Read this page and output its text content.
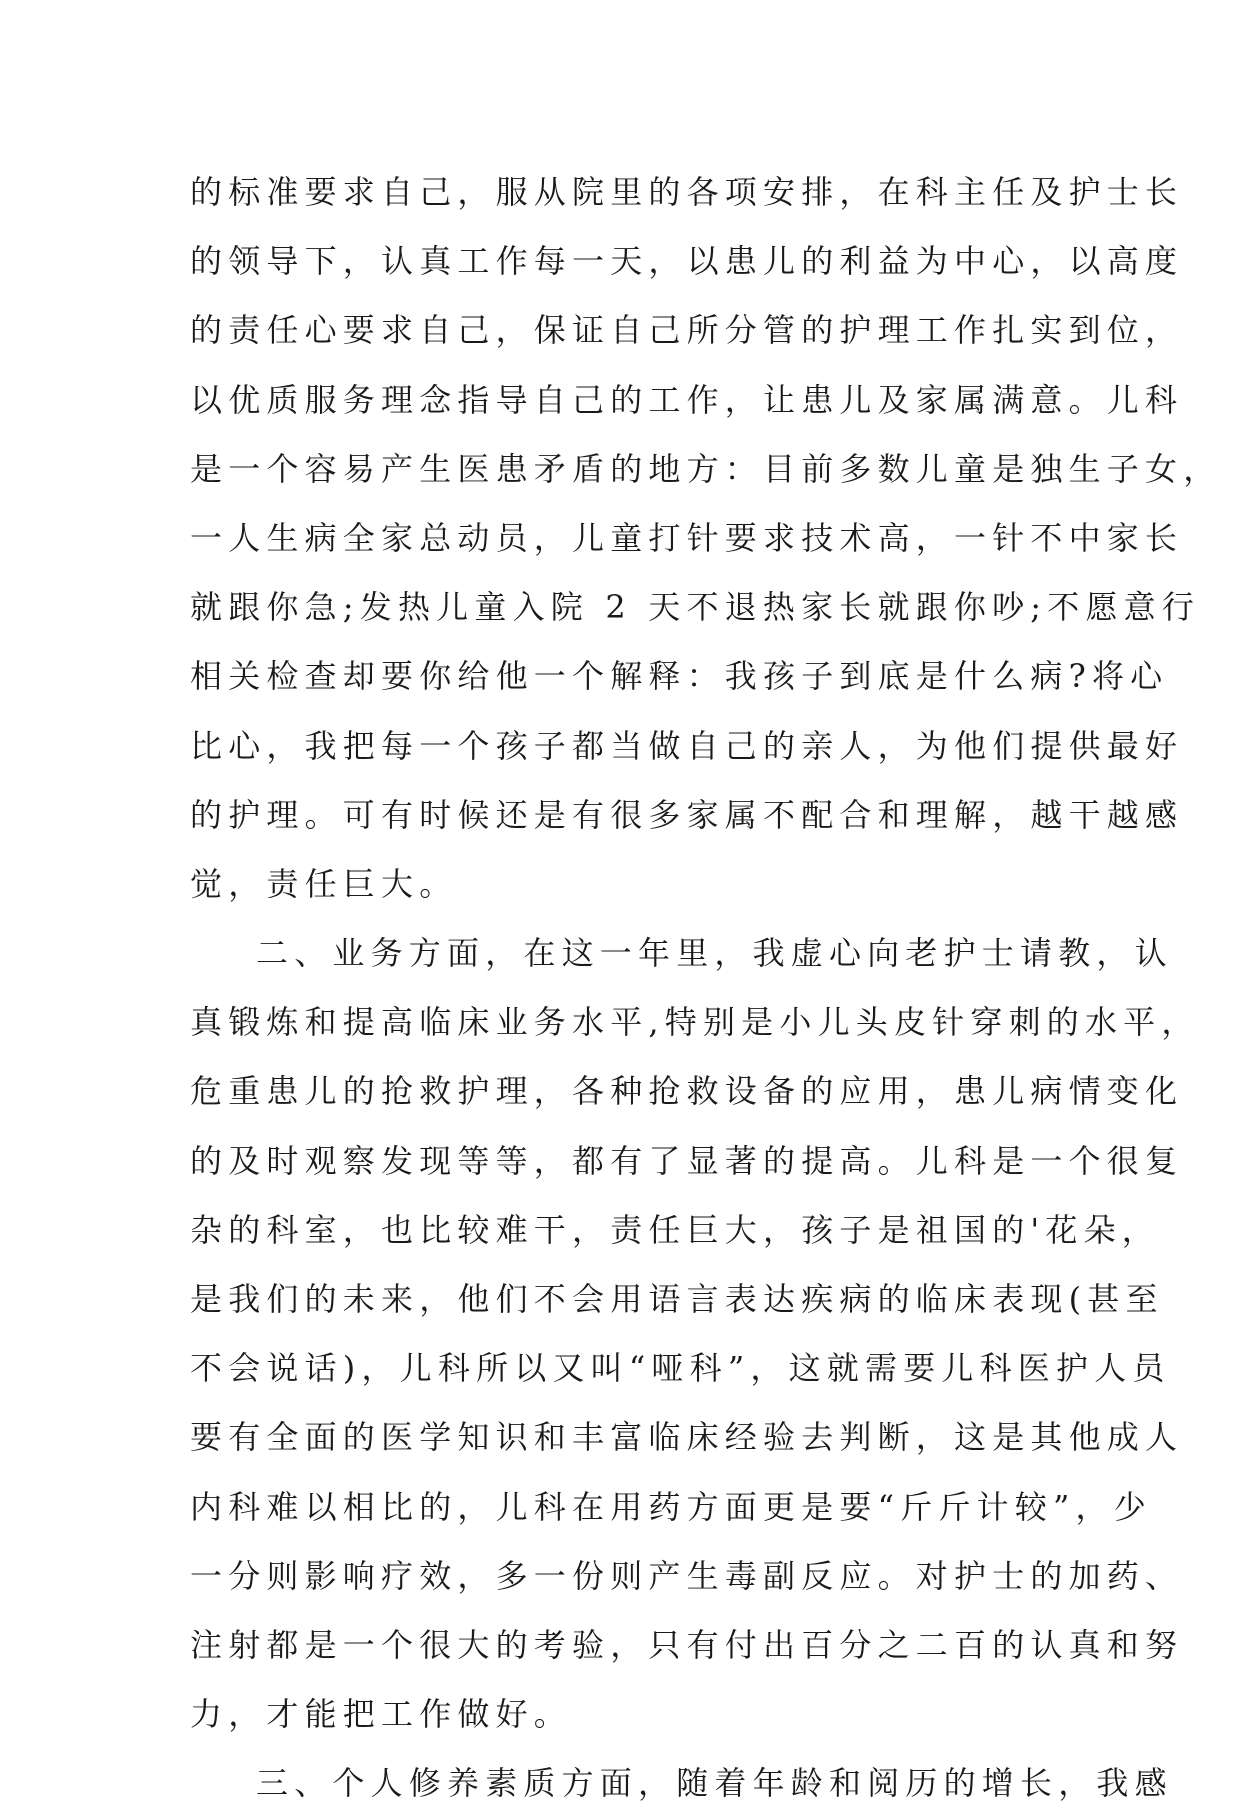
的标准要求自己，服从院里的各项安排，在科主任及护士长
的领导下，认真工作每一天，以患儿的利益为中心，以高度
的责任心要求自己，保证自己所分管的护理工作扎实到位，
以优质服务理念指导自己的工作，让患儿及家属满意。儿科
是一个容易产生医患矛盾的地方：目前多数儿童是独生子女，
一人生病全家总动员，儿童打针要求技术高，一针不中家长
就跟你急;发热儿童入院 2 天不退热家长就跟你吵;不愿意行
相关检查却要你给他一个解释：我孩子到底是什么病?将心
比心，我把每一个孩子都当做自己的亲人，为他们提供最好
的护理。可有时候还是有很多家属不配合和理解，越干越感
觉，责任巨大。
二、业务方面，在这一年里，我虚心向老护士请教，认
真锻炼和提高临床业务水平,特别是小儿头皮针穿刺的水平，
危重患儿的抢救护理，各种抢救设备的应用，患儿病情变化
的及时观察发现等等，都有了显著的提高。儿科是一个很复
杂的科室，也比较难干，责任巨大，孩子是祖国的'花朵，
是我们的未来，他们不会用语言表达疾病的临床表现(甚至
不会说话)，儿科所以又叫“哑科”，这就需要儿科医护人员
要有全面的医学知识和丰富临床经验去判断，这是其他成人
内科难以相比的，儿科在用药方面更是要“斤斤计较”，少
一分则影响疗效，多一份则产生毒副反应。对护士的加药、
注射都是一个很大的考验，只有付出百分之二百的认真和努
力，才能把工作做好。
三、个人修养素质方面，随着年龄和阅历的增长，我感
